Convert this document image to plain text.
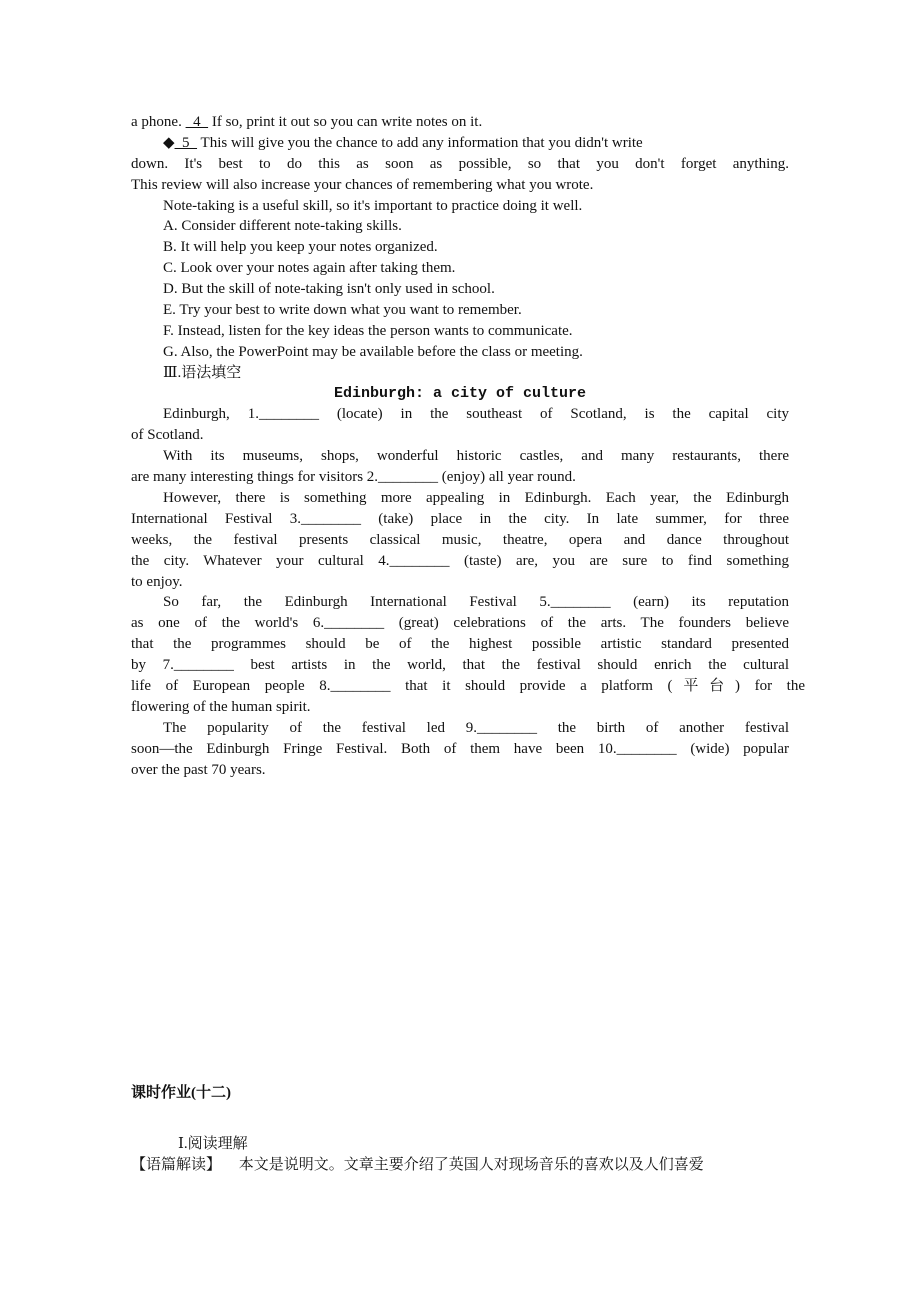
a phone.   4   If so, print it out so you can write notes on it.
◆  5   This will give you the chance to add any information that you didn't write
down. It's best to do this as soon as possible, so that you don't forget anything.
This review will also increase your chances of remembering what you wrote.
Note-taking is a useful skill, so it's important to practice doing it well.
A. Consider different note-taking skills.
B. It will help you keep your notes organized.
C. Look over your notes again after taking them.
D. But the skill of note-taking isn't only used in school.
E. Try your best to write down what you want to remember.
F. Instead, listen for the key ideas the person wants to communicate.
G. Also, the PowerPoint may be available before the class or meeting.
Ⅲ.语法填空
Edinburgh: a city of culture
Edinburgh, 1.________ (locate) in the southeast of Scotland, is the capital city
of Scotland.
With its museums, shops, wonderful historic castles, and many restaurants, there
are many interesting things for visitors 2.________ (enjoy) all year round.
However, there is something more appealing in Edinburgh. Each year, the Edinburgh
International Festival 3.________ (take) place in the city. In late summer, for three
weeks, the festival presents classical music, theatre, opera and dance throughout
the city. Whatever your cultural 4.________ (taste) are, you are sure to find something
to enjoy.
So far, the Edinburgh International Festival 5.________ (earn) its reputation
as one of the world's 6.________ (great) celebrations of the arts. The founders believe
that the programmes should be of the highest possible artistic standard presented
by 7.________ best artists in the world, that the festival should enrich the cultural
life of European people 8.________ that it should provide a platform (平台) for the
flowering of the human spirit.
The popularity of the festival led 9.________ the birth of another festival
soon—the Edinburgh Fringe Festival. Both of them have been 10.________ (wide) popular
over the past 70 years.
课时作业(十二)
Ⅰ.阅读理解
【语篇解读】 本文是说明文。文章主要介绍了英国人对现场音乐的喜欢以及人们喜爱
